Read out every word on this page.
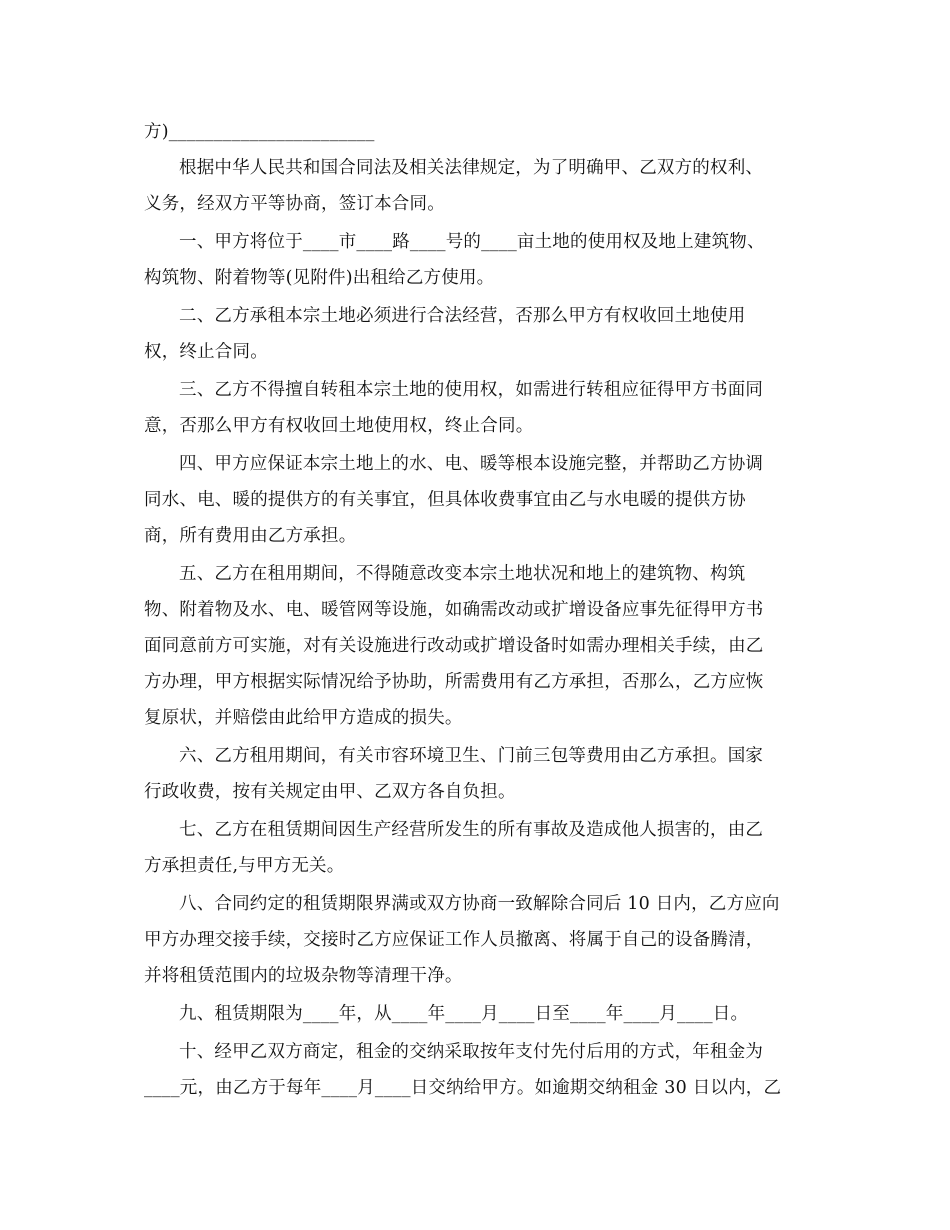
方)_______________________
根据中华人民共和国合同法及相关法律规定，为了明确甲、乙双方的权利、
义务，经双方平等协商，签订本合同。
一、甲方将位于____市____路____号的____亩土地的使用权及地上建筑物、
构筑物、附着物等(见附件)出租给乙方使用。
二、乙方承租本宗土地必须进行合法经营，否那么甲方有权收回土地使用
权，终止合同。
三、乙方不得擅自转租本宗土地的使用权，如需进行转租应征得甲方书面同
意，否那么甲方有权收回土地使用权，终止合同。
四、甲方应保证本宗土地上的水、电、暖等根本设施完整，并帮助乙方协调
同水、电、暖的提供方的有关事宜，但具体收费事宜由乙与水电暖的提供方协
商，所有费用由乙方承担。
五、乙方在租用期间，不得随意改变本宗土地状况和地上的建筑物、构筑
物、附着物及水、电、暖管网等设施，如确需改动或扩增设备应事先征得甲方书
面同意前方可实施，对有关设施进行改动或扩增设备时如需办理相关手续，由乙
方办理，甲方根据实际情况给予协助，所需费用有乙方承担，否那么，乙方应恢
复原状，并赔偿由此给甲方造成的损失。
六、乙方租用期间，有关市容环境卫生、门前三包等费用由乙方承担。国家
行政收费，按有关规定由甲、乙双方各自负担。
七、乙方在租赁期间因生产经营所发生的所有事故及造成他人损害的，由乙
方承担责任,与甲方无关。
八、合同约定的租赁期限界满或双方协商一致解除合同后 10 日内，乙方应向
甲方办理交接手续，交接时乙方应保证工作人员撤离、将属于自己的设备腾清，
并将租赁范围内的垃圾杂物等清理干净。
九、租赁期限为____年，从____年____月____日至____年____月____日。
十、经甲乙双方商定，租金的交纳采取按年支付先付后用的方式，年租金为
____元，由乙方于每年____月____日交纳给甲方。如逾期交纳租金 30 日以内，乙
